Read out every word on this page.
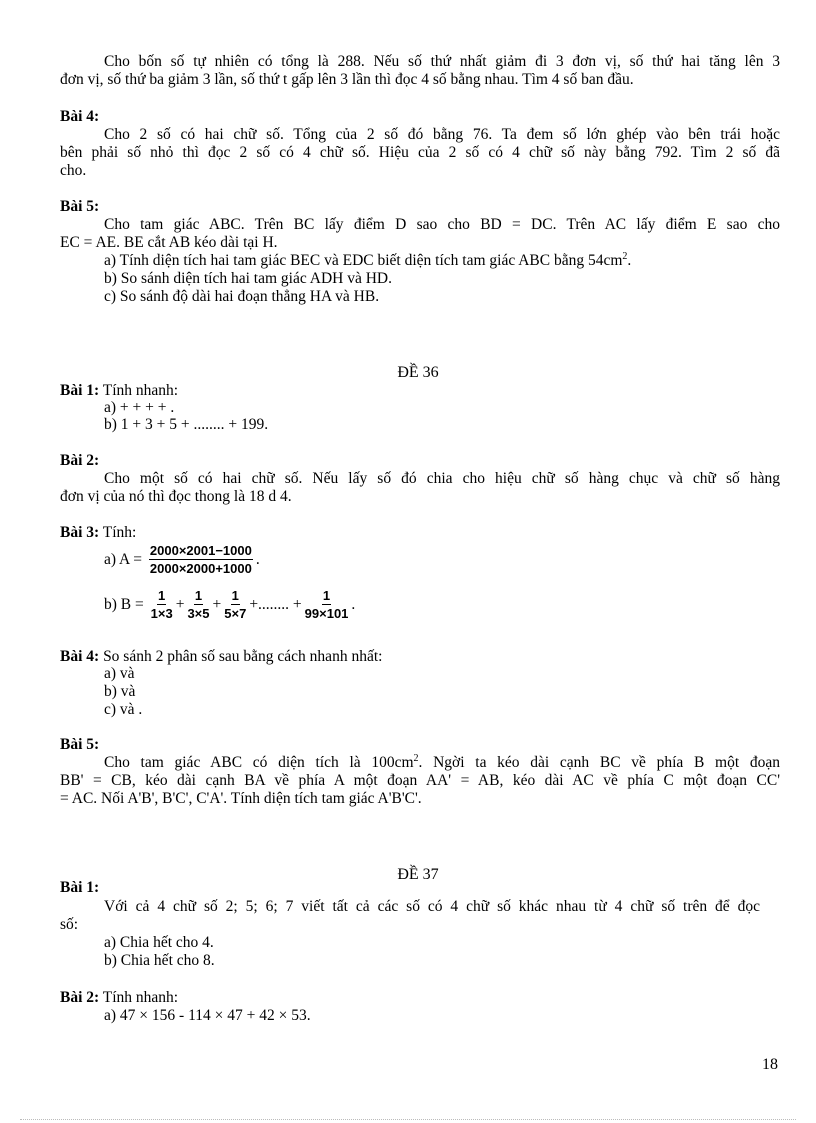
Cho bốn số tự nhiên có tổng là 288. Nếu số thứ nhất giảm đi 3 đơn vị, số thứ hai tăng lên 3
đơn vị, số thứ ba giảm 3 lần, số thứ t gấp lên 3 lần thì đọc 4 số bằng nhau. Tìm 4 số ban đầu.
Bài 4:
Cho 2 số có hai chữ số. Tổng của 2 số đó bằng 76. Ta đem số lớn ghép vào bên trái hoặc
bên phải số nhỏ thì đọc 2 số có 4 chữ số. Hiệu của 2 số có 4 chữ số này bằng 792. Tìm 2 số đã
cho.
Bài 5:
Cho tam giác ABC. Trên BC lấy điểm D sao cho BD = DC. Trên AC lấy điểm E sao cho
EC = AE. BE cắt AB kéo dài tại H.
a) Tính diện tích hai tam giác BEC và EDC biết diện tích tam giác ABC bằng $54cm^2$.
b) So sánh diện tích hai tam giác ADH và HD.
c) So sánh độ dài hai đoạn thẳng HA và HB.
ĐỀ 36
Bài 1: Tính nhanh:
a) + + + + .
b) 1 + 3 + 5 + ........ + 199.
Bài 2:
Cho một số có hai chữ số. Nếu lấy số đó chia cho hiệu chữ số hàng chục và chữ số hàng
đơn vị của nó thì đọc thong là 18 d 4.
Bài 3: Tính:
a) $A = \frac{2000\times 2001-1000}{2000\times 2000+1000}$ .
b) $B = \frac{1}{1\times 3} + \frac{1}{3\times 5} + \frac{1}{5\times 7}$ +........ + $\frac{1}{99\times 101}$ .
Bài 4: So sánh 2 phân số sau bằng cách nhanh nhất:
a) và
b) và
c) và .
Bài 5:
Cho tam giác ABC có diện tích là $100cm^2$. Ngời ta kéo dài cạnh BC về phía B một đoạn
BB' = CB, kéo dài cạnh BA về phía A một đoạn AA' = AB, kéo dài AC về phía C một đoạn CC'
= AC. Nối A'B', B'C', C'A'. Tính diện tích tam giác A'B'C'.
ĐỀ 37
Bài 1:
Với cả 4 chữ số 2; 5; 6; 7 viết tất cả các số có 4 chữ số khác nhau từ 4 chữ số trên để đọc
số:
a) Chia hết cho 4.
b) Chia hết cho 8.
Bài 2: Tính nhanh:
a) 47 × 156 - 114 × 47 + 42 × 53.
18
